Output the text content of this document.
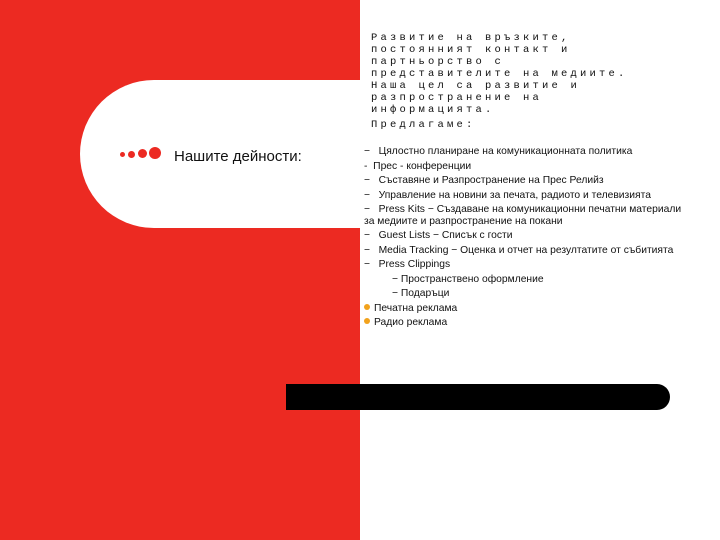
Нашите дейности:
Развитие на връзките,
постоянният контакт и
партньорство с
представителите на медиите.
Наша цел са развитие и
разпространение на
информацията.
Предлагаме:
− Цялостно планиране на комуникационната политика
- Прес - конференции
− Съставяне и Разпространение на Прес Релийз
− Управление на новини за печата, радиото и телевизията
− Press Kits − Създаване на комуникационни печатни материали за медиите и разпространение на покани
− Guest Lists − Списък с гости
− Media Tracking − Оценка и отчет на резултатите от събитията
− Press Clippings
− Пространствено оформление
− Подаръци
Печатна реклама
Радио реклама
